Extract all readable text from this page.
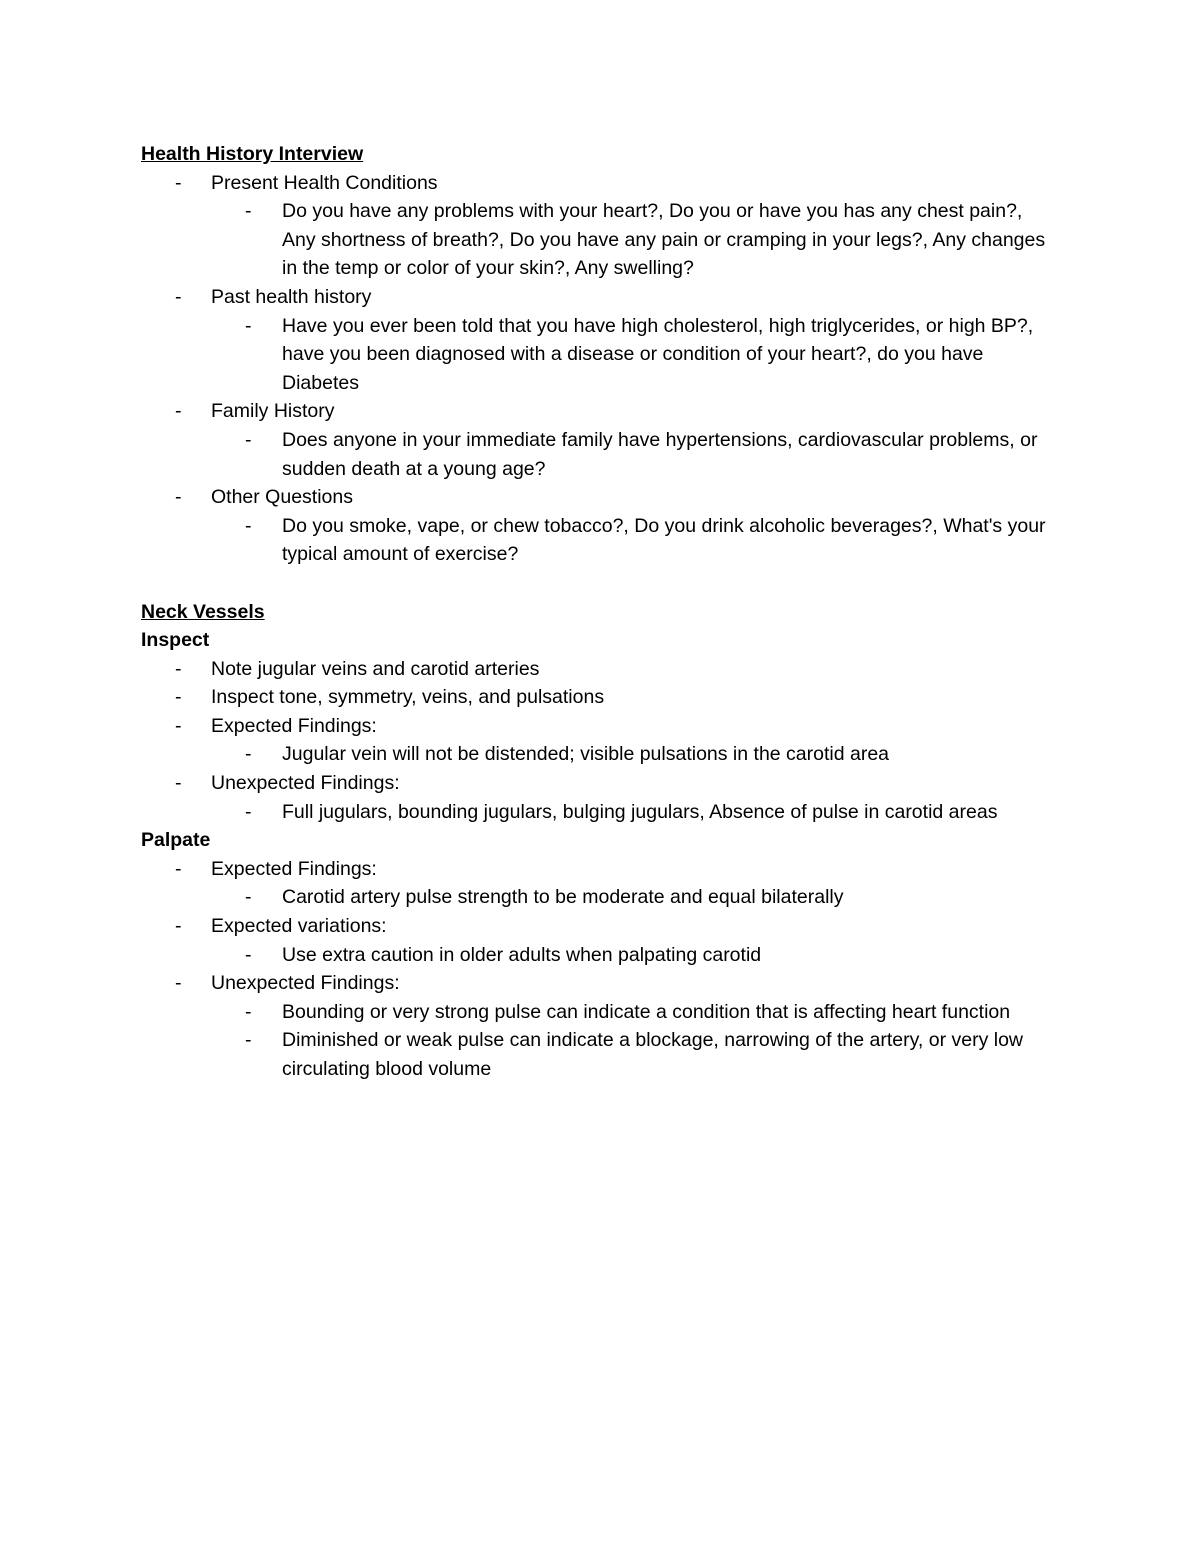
Health History Interview

-	Present Health Conditions
-	Do you have any problems with your heart?, Do you or have you has any chest pain?, Any shortness of breath?, Do you have any pain or cramping in your legs?, Any changes in the temp or color of your skin?, Any swelling?
-	Past health history
-	Have you ever been told that you have high cholesterol, high triglycerides, or high BP?, have you been diagnosed with a disease or condition of your heart?, do you have Diabetes
-	Family History
-	Does anyone in your immediate family have hypertensions, cardiovascular problems, or sudden death at a young age?
-	Other Questions
-	Do you smoke, vape, or chew tobacco?, Do you drink alcoholic beverages?, What's your typical amount of exercise?

Neck Vessels

Inspect

-	Note jugular veins and carotid arteries
-	Inspect tone, symmetry, veins, and pulsations
-	Expected Findings:
-	Jugular vein will not be distended; visible pulsations in the carotid area
-	Unexpected Findings:
-	Full jugulars, bounding jugulars, bulging jugulars, Absence of pulse in carotid areas

Palpate

-	Expected Findings:
-	Carotid artery pulse strength to be moderate and equal bilaterally
-	Expected variations:
-	Use extra caution in older adults when palpating carotid
-	Unexpected Findings:
-	Bounding or very strong pulse can indicate a condition that is affecting heart function
-	Diminished or weak pulse can indicate a blockage, narrowing of the artery, or very low circulating blood volume
